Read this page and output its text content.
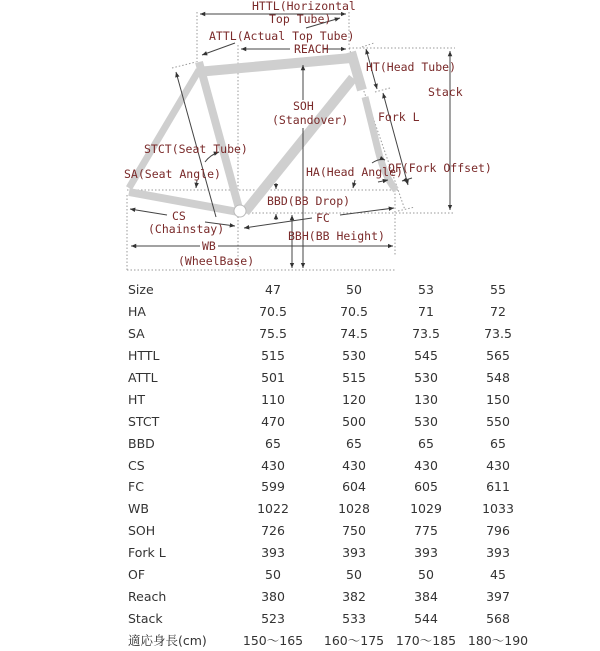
HTTL(Horizontal
Top Tube)
ATTL(Actual Top Tube)
REACH
HT(Head Tube)
Stack
SOH
(Standover)	Fork L
STCT(Seat Tube)
SA(Seat Angle)	HA(Head Angle)
OF(Fork Offset)
BBD(BB Drop)
CS
(Chainstay)
FC
BBH(BB Height)
WB
(WheelBase)
Size	47	50	53	55	
HA	70.5	70.5	71	72	
SA	75.5	74.5	73.5	73.5	
HTTL	515	530	545	565	
ATTL	501	515	530	548	
HT	110	120	130	150	
STCT	470	500	530	550	
BBD	65	65	65	65	
CS	430	430	430	430	
FC	599	604	605	611	
WB	1022	1028	1029	1033	
SOH	726	750	775	796	
Fork L	393	393	393	393	
OF	50	50	50	45	
Reach	380	382	384	397	
Stack	523	533	544	568	
適応身長(cm)	150〜165	160〜175	170〜185	180〜190	
